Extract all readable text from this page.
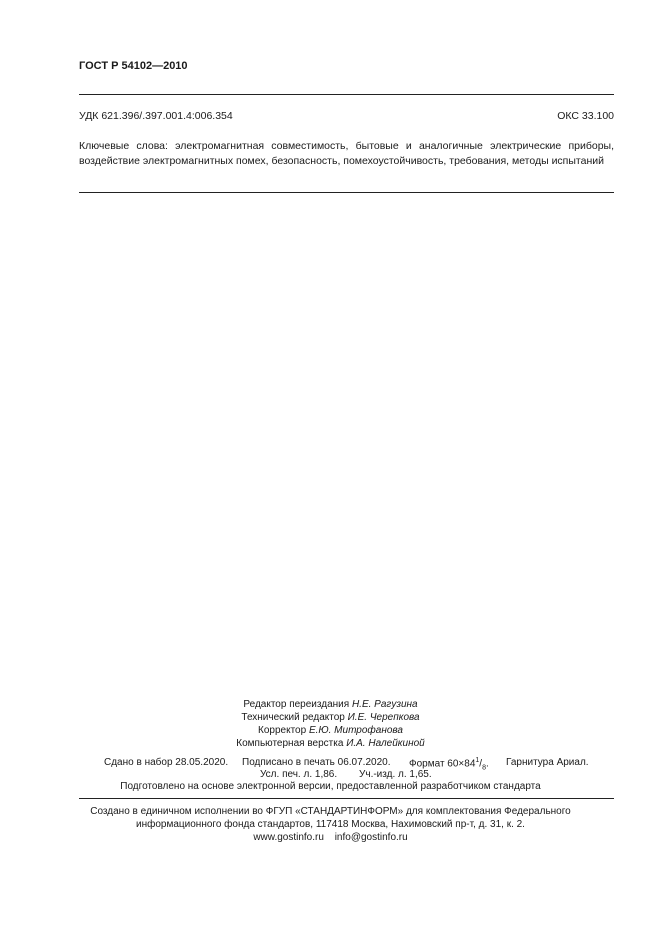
ГОСТ Р 54102—2010
УДК 621.396/.397.001.4:006.354	ОКС 33.100
Ключевые слова: электромагнитная совместимость, бытовые и аналогичные электрические приборы, воздействие электромагнитных помех, безопасность, помехоустойчивость, требования, методы испытаний
Редактор переиздания Н.Е. Рагузина
Технический редактор И.Е. Черепкова
Корректор Е.Ю. Митрофанова
Компьютерная верстка И.А. Налейкиной
Сдано в набор 28.05.2020. Подписано в печать 06.07.2020. Формат $60\times 84^1/_8$. Гарнитура Ариал.
Усл. печ. л. 1,86. Уч.-изд. л. 1,65.
Подготовлено на основе электронной версии, предоставленной разработчиком стандарта
Создано в единичном исполнении во ФГУП «СТАНДАРТИНФОРМ» для комплектования Федерального
информационного фонда стандартов, 117418 Москва, Нахимовский пр-т, д. 31, к. 2.
www.gostinfo.ru info@gostinfo.ru
